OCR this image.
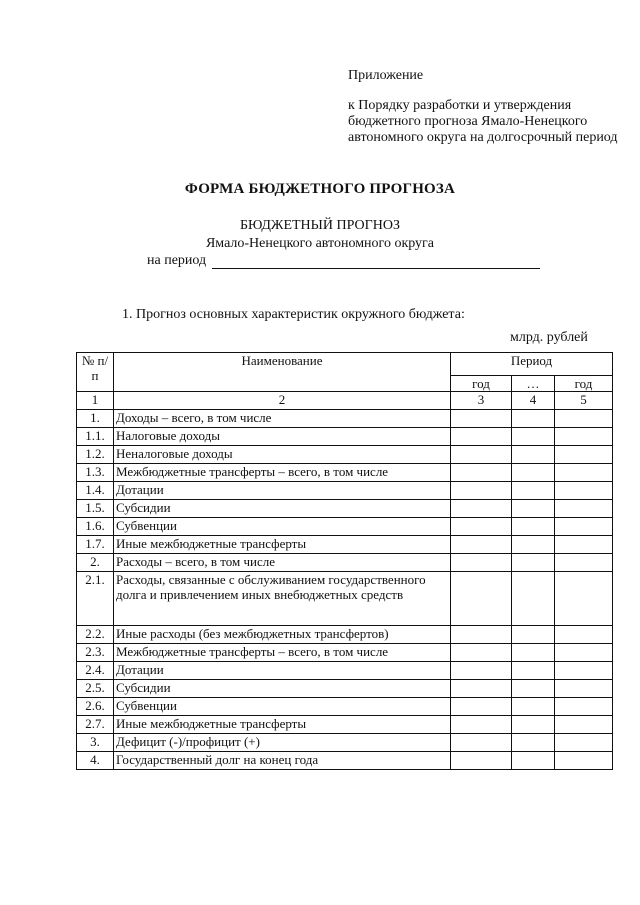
Приложение
к Порядку разработки и утверждения бюджетного прогноза Ямало-Ненецкого автономного округа на долгосрочный период
ФОРМА БЮДЖЕТНОГО ПРОГНОЗА
БЮДЖЕТНЫЙ ПРОГНОЗ
Ямало-Ненецкого автономного округа
на период
1. Прогноз основных характеристик окружного бюджета:
млрд. рублей
№ п/п	Наименование	Период		
		год	…	год
1	2	3	4	5
1.	Доходы – всего, в том числе			
1.1.	Налоговые доходы			
1.2.	Неналоговые доходы			
1.3.	Межбюджетные трансферты – всего, в том числе			
1.4.	Дотации			
1.5.	Субсидии			
1.6.	Субвенции			
1.7.	Иные межбюджетные трансферты			
2.	Расходы – всего, в том числе			
2.1.	Расходы, связанные с обслуживанием государственного долга и привлечением иных внебюджетных средств			
2.2.	Иные расходы (без межбюджетных трансфертов)			
2.3.	Межбюджетные трансферты – всего, в том числе			
2.4.	Дотации			
2.5.	Субсидии			
2.6.	Субвенции			
2.7.	Иные межбюджетные трансферты			
3.	Дефицит (-)/профицит (+)			
4.	Государственный долг на конец года			
